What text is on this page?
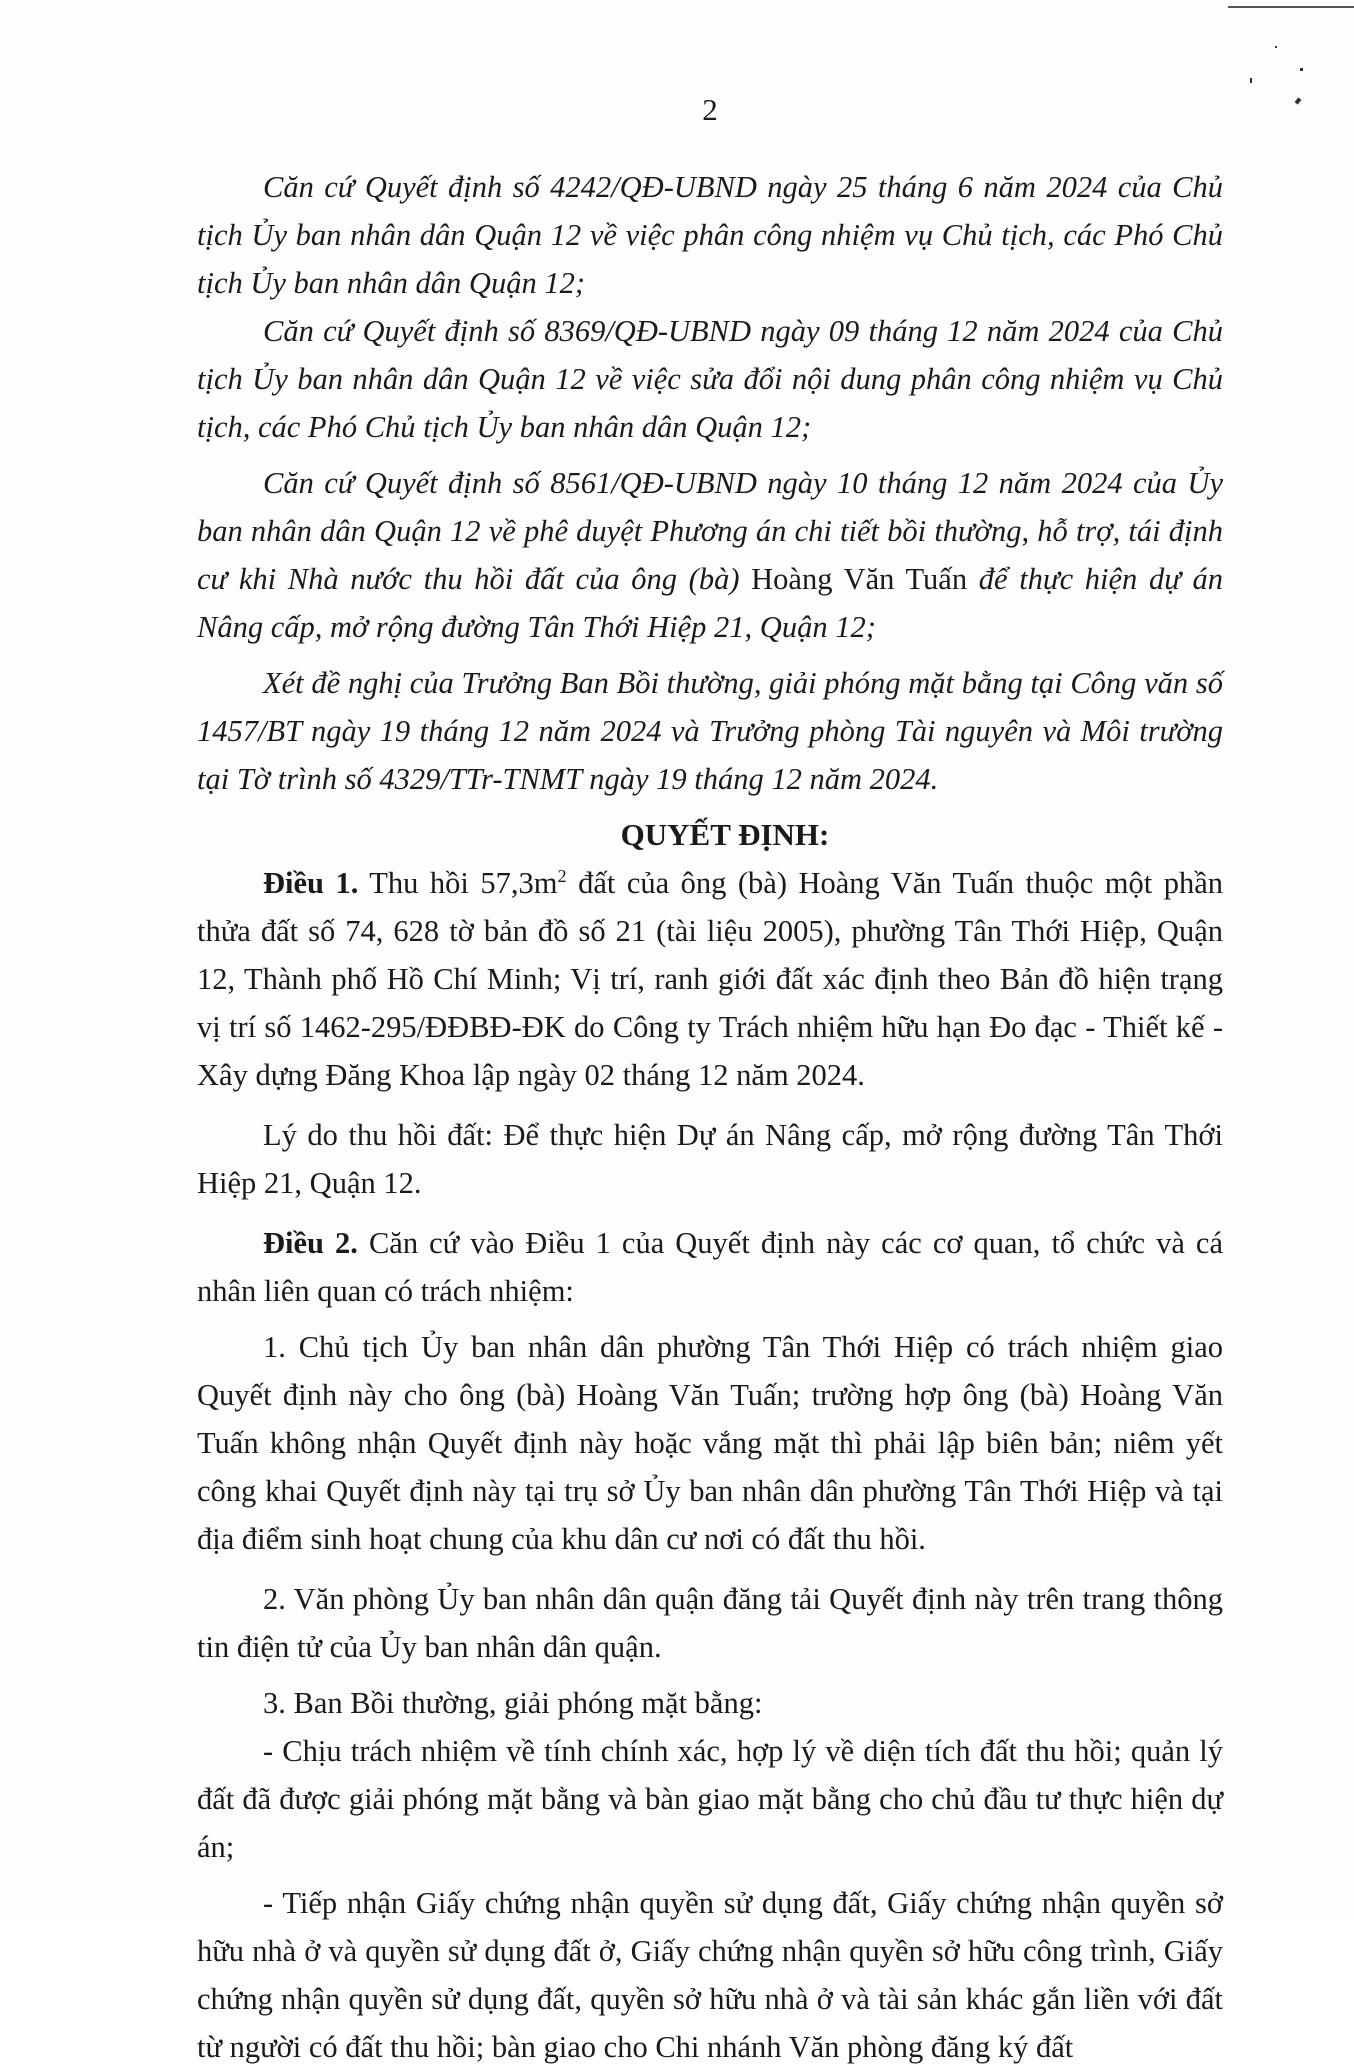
2

Căn cứ Quyết định số 4242/QĐ-UBND ngày 25 tháng 6 năm 2024 của Chủ tịch Ủy ban nhân dân Quận 12 về việc phân công nhiệm vụ Chủ tịch, các Phó Chủ tịch Ủy ban nhân dân Quận 12;

Căn cứ Quyết định số 8369/QĐ-UBND ngày 09 tháng 12 năm 2024 của Chủ tịch Ủy ban nhân dân Quận 12 về việc sửa đổi nội dung phân công nhiệm vụ Chủ tịch, các Phó Chủ tịch Ủy ban nhân dân Quận 12;

Căn cứ Quyết định số 8561/QĐ-UBND ngày 10 tháng 12 năm 2024 của Ủy ban nhân dân Quận 12 về phê duyệt Phương án chi tiết bồi thường, hỗ trợ, tái định cư khi Nhà nước thu hồi đất của ông (bà) Hoàng Văn Tuấn để thực hiện dự án Nâng cấp, mở rộng đường Tân Thới Hiệp 21, Quận 12;

Xét đề nghị của Trưởng Ban Bồi thường, giải phóng mặt bằng tại Công văn số 1457/BT ngày 19 tháng 12 năm 2024 và Trưởng phòng Tài nguyên và Môi trường tại Tờ trình số 4329/TTr-TNMT ngày 19 tháng 12 năm 2024.

QUYẾT ĐỊNH:

Điều 1. Thu hồi $57,3m^2$ đất của ông (bà) Hoàng Văn Tuấn thuộc một phần thửa đất số 74, 628 tờ bản đồ số 21 (tài liệu 2005), phường Tân Thới Hiệp, Quận 12, Thành phố Hồ Chí Minh; Vị trí, ranh giới đất xác định theo Bản đồ hiện trạng vị trí số 1462-295/ĐĐBĐ-ĐK do Công ty Trách nhiệm hữu hạn Đo đạc - Thiết kế - Xây dựng Đăng Khoa lập ngày 02 tháng 12 năm 2024.

Lý do thu hồi đất: Để thực hiện Dự án Nâng cấp, mở rộng đường Tân Thới Hiệp 21, Quận 12.

Điều 2. Căn cứ vào Điều 1 của Quyết định này các cơ quan, tổ chức và cá nhân liên quan có trách nhiệm:

1. Chủ tịch Ủy ban nhân dân phường Tân Thới Hiệp có trách nhiệm giao Quyết định này cho ông (bà) Hoàng Văn Tuấn; trường hợp ông (bà) Hoàng Văn Tuấn không nhận Quyết định này hoặc vắng mặt thì phải lập biên bản; niêm yết công khai Quyết định này tại trụ sở Ủy ban nhân dân phường Tân Thới Hiệp và tại địa điểm sinh hoạt chung của khu dân cư nơi có đất thu hồi.

2. Văn phòng Ủy ban nhân dân quận đăng tải Quyết định này trên trang thông tin điện tử của Ủy ban nhân dân quận.

3. Ban Bồi thường, giải phóng mặt bằng:

- Chịu trách nhiệm về tính chính xác, hợp lý về diện tích đất thu hồi; quản lý đất đã được giải phóng mặt bằng và bàn giao mặt bằng cho chủ đầu tư thực hiện dự án;

- Tiếp nhận Giấy chứng nhận quyền sử dụng đất, Giấy chứng nhận quyền sở hữu nhà ở và quyền sử dụng đất ở, Giấy chứng nhận quyền sở hữu công trình, Giấy chứng nhận quyền sử dụng đất, quyền sở hữu nhà ở và tài sản khác gắn liền với đất từ người có đất thu hồi; bàn giao cho Chi nhánh Văn phòng đăng ký đất
